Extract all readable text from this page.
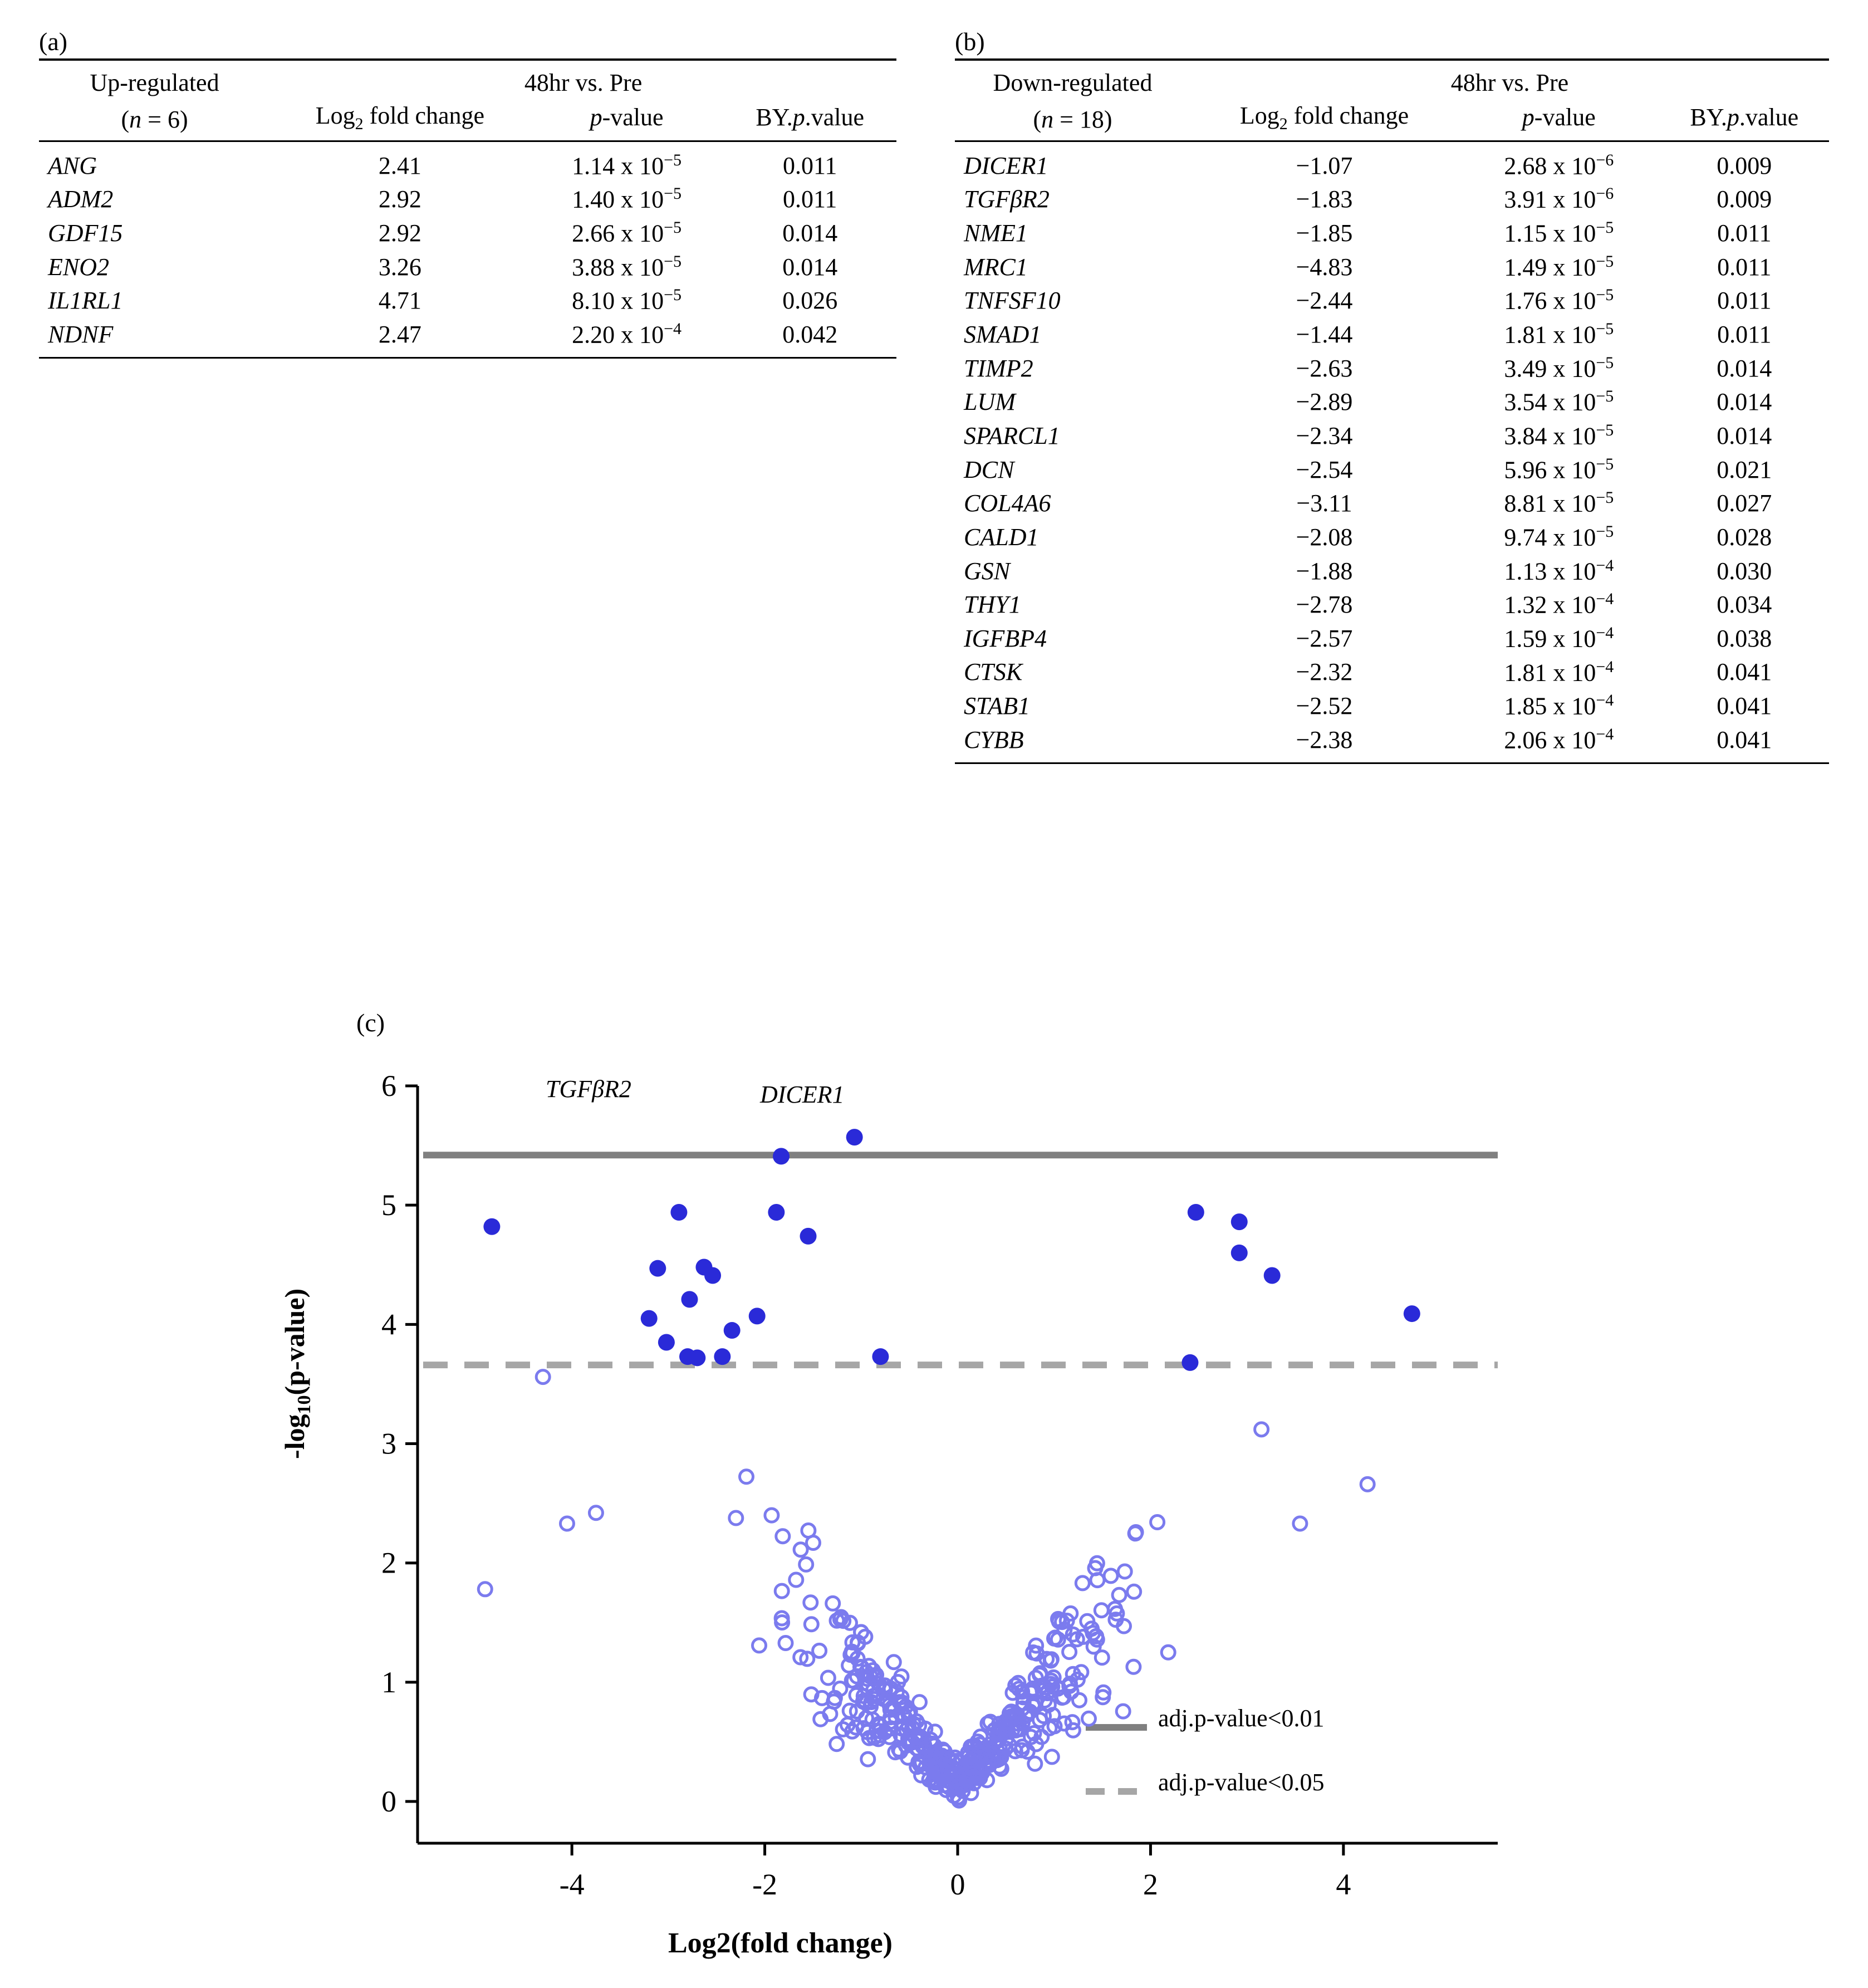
(a)	(b)
(c)
Up-regulated	48hr vs. Pre		
(n = 6)	Log$_2$ fold change	p-value	BY.p.value
ANG	2.41	1.14 x $10^{-5}$	0.011
ADM2	2.92	1.40 x $10^{-5}$	0.011
GDF15	2.92	2.66 x $10^{-5}$	0.014
ENO2	3.26	3.88 x $10^{-5}$	0.014
IL1RL1	4.71	8.10 x $10^{-5}$	0.026
NDNF	2.47	2.20 x $10^{-4}$	0.042
Down-regulated	48hr vs. Pre		
(n = 18)	Log$_2$ fold change	p-value	BY.p.value
DICER1	−1.07	2.68 x $10^{-6}$	0.009
TGFβR2	−1.83	3.91 x $10^{-6}$	0.009
NME1	−1.85	1.15 x $10^{-5}$	0.011
MRC1	−4.83	1.49 x $10^{-5}$	0.011
TNFSF10	−2.44	1.76 x $10^{-5}$	0.011
SMAD1	−1.44	1.81 x $10^{-5}$	0.011
TIMP2	−2.63	3.49 x $10^{-5}$	0.014
LUM	−2.89	3.54 x $10^{-5}$	0.014
SPARCL1	−2.34	3.84 x $10^{-5}$	0.014
DCN	−2.54	5.96 x $10^{-5}$	0.021
COL4A6	−3.11	8.81 x $10^{-5}$	0.027
CALD1	−2.08	9.74 x $10^{-5}$	0.028
GSN	−1.88	1.13 x $10^{-4}$	0.030
THY1	−2.78	1.32 x $10^{-4}$	0.034
IGFBP4	−2.57	1.59 x $10^{-4}$	0.038
CTSK	−2.32	1.81 x $10^{-4}$	0.041
STAB1	−2.52	1.85 x $10^{-4}$	0.041
CYBB	−2.38	2.06 x $10^{-4}$	0.041
$-\log_{10}(p-value)$
Log2(fold change)
0
1
2
3
4
5
6
-4	-2	0	2	4
adj.p-value<0.01
adj.p-value<0.05
TGFβR2	DICER1
